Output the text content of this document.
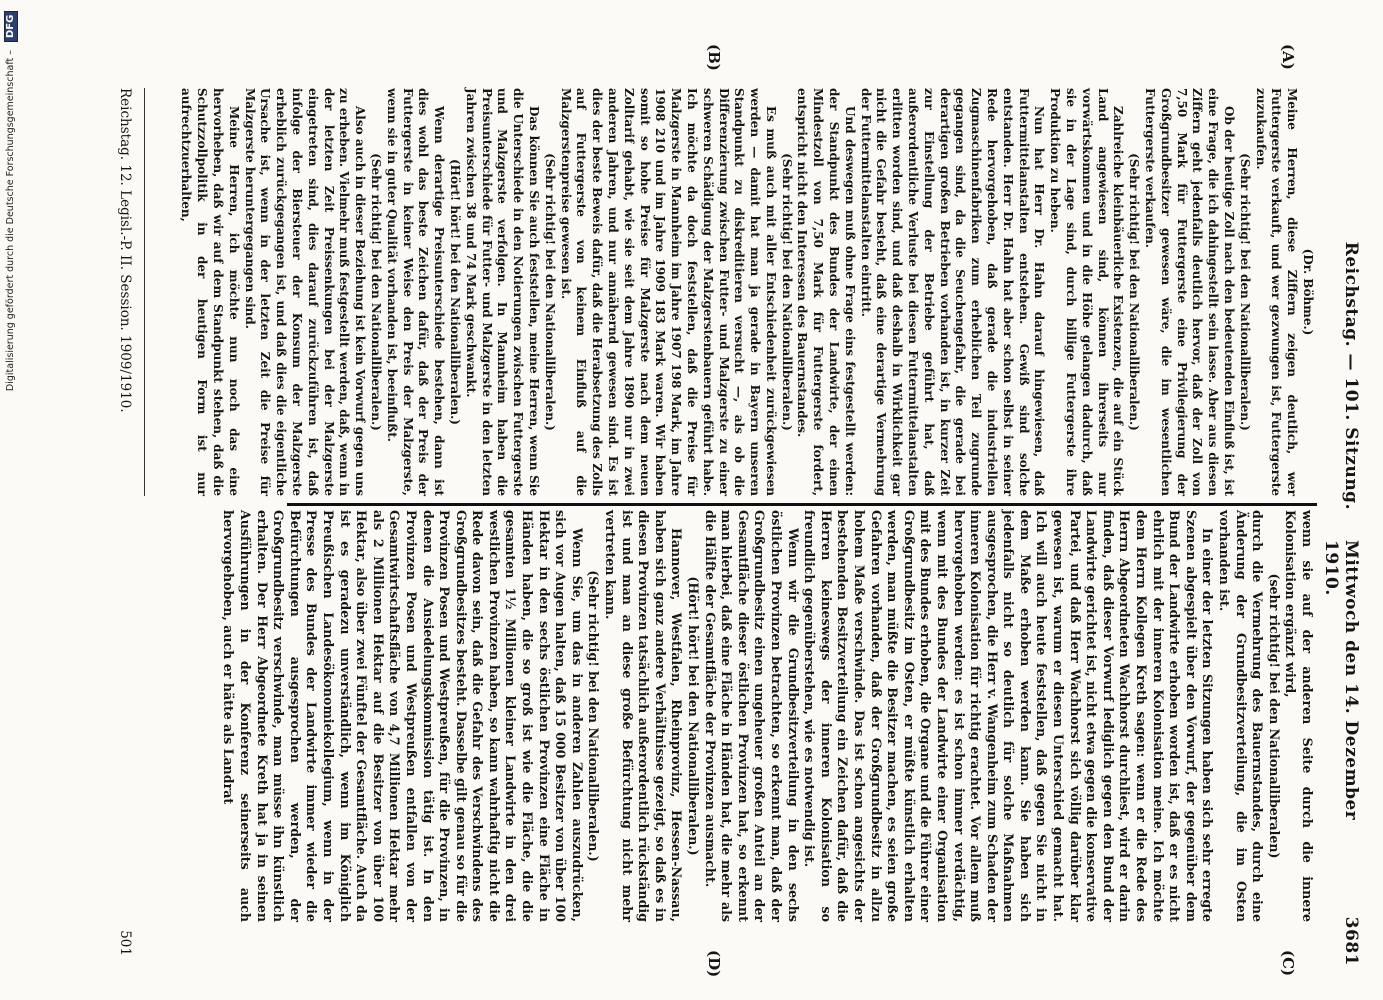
Reichstag. — 101. Sitzung.
Mittwoch den 14. Dezember 1910.
3681
(A)
(B)
(C)
(D)

(Dr. Böhme.)

Meine Herren, diese Ziffern zeigen deutlich, wer Futtergerste verkauft, und wer gezwungen ist, Futtergerste zuzukaufen.

(Sehr richtig! bei den Nationalliberalen.)

Ob der heutige Zoll nach den bedeutenden Einfluß ist, ist eine Frage, die ich dahingestellt sein lasse. Aber aus diesen Ziffern geht jedenfalls deutlich hervor, daß der Zoll von 7,50 Mark für Futtergerste eine Privilegierung der Großgrundbesitzer gewesen wäre, die im wesentlichen Futtergerste verkaufen.

(Sehr richtig! bei den Nationalliberalen.)

Zahlreiche kleinbäuerliche Existenzen, die auf ein Stück Land angewiesen sind, können ihrerseits nur vorwärtskommen und in die Höhe gelangen dadurch, daß sie in der Lage sind, durch billige Futtergerste ihre Produktion zu heben.

Nun hat Herr Dr. Hahn darauf hingewiesen, daß Futtermittelanstalten entstehen. Gewiß sind solche entstanden. Herr Dr. Hahn hat aber schon selbst in seiner Rede hervorgehoben, daß gerade die industriellen Zugmaschinenfabriken zum erheblichen Teil zugrunde gegangen sind, da die Seuchengefahr, die gerade bei derartigen großen Betrieben vorhanden ist, in kurzer Zeit zur Einstellung der Betriebe geführt hat, daß außerordentliche Verluste bei diesen Futtermittelanstalten erlitten worden sind, und daß deshalb in Wirklichkeit gar nicht die Gefahr besteht, daß eine derartige Vermehrung der Futtermittelanstalten eintritt.

Und deswegen muß ohne Frage eins festgestellt werden: der Standpunkt des Bundes der Landwirte, der einen Mindestzoll von 7,50 Mark für Futtergerste fordert, entspricht nicht den Interessen des Bauernstandes.

(Sehr richtig! bei den Nationalliberalen.)

Es muß auch mit aller Entschiedenheit zurückgewiesen werden — damit hat man ja gerade in Bayern unseren Standpunkt zu diskreditieren versucht —, als ob die Differenzierung zwischen Futter- und Malzgerste zu einer schweren Schädigung der Malzgerstenbauern geführt habe. Ich möchte da doch feststellen, daß die Preise für Malzgerste in Mannheim im Jahre 1907 198 Mark, im Jahre 1908 210 und im Jahre 1909 183 Mark waren. Wir haben somit so hohe Preise für Malzgerste nach dem neuen Zolltarif gehabt, wie sie seit dem Jahre 1890 nur in zwei anderen Jahren, und nur annähernd gewesen sind. Es ist dies der beste Beweis dafür, daß die Herabsetzung des Zolls auf Futtergerste von keinem Einfluß auf die Malzgerstenpreise gewesen ist.

(Sehr richtig! bei den Nationalliberalen.)

Das können Sie auch feststellen, meine Herren, wenn Sie die Unterschiede in den Notierungen zwischen Futtergerste und Malzgerste verfolgen. In Mannheim haben die Preisunterschiede für Futter- und Malzgerste in den letzten Jahren zwischen 38 und 74 Mark geschwankt.

(Hört! hört! bei den Nationalliberalen.)

Wenn derartige Preisunterschiede bestehen, dann ist dies wohl das beste Zeichen dafür, daß der Preis der Futtergerste in keiner Weise den Preis der Malzgerste, wenn sie in guter Qualität vorhanden ist, beeinflußt.

(Sehr richtig! bei den Nationalliberalen.)

Also auch in dieser Beziehung ist kein Vorwurf gegen uns zu erheben. Vielmehr muß festgestellt werden, daß, wenn in der letzten Zeit Preissenkungen bei der Malzgerste eingetreten sind, dies darauf zurückzuführen ist, daß infolge der Biersteuer der Konsum der Malzgerste erheblich zurückgegangen ist, und daß dies die eigentliche Ursache ist, wenn in der letzten Zeit die Preise für Malzgerste heruntergegangen sind.

Meine Herren, ich möchte nun noch das eine hervorheben, daß wir auf dem Standpunkt stehen, daß die Schutzzollpolitik in der heutigen Form ist nur aufrechtzuerhalten,

wenn sie auf der anderen Seite durch die innere Kolonisation ergänzt wird,

(sehr richtig! bei den Nationalliberalen)

durch die Vermehrung des Bauernstandes, durch eine Änderung der Grundbesitzverteilung, die im Osten vorhanden ist.

In einer der letzten Sitzungen haben sich sehr erregte Szenen abgespielt über den Vorwurf, der gegenüber dem Bund der Landwirte erhoben worden ist, daß er es nicht ehrlich mit der inneren Kolonisation meine. Ich möchte dem Herrn Kollegen Kreth sagen: wenn er die Rede des Herrn Abgeordneten Wachhorst durchliest, wird er darin finden, daß dieser Vorwurf lediglich gegen den Bund der Landwirte gerichtet ist, nicht etwa gegen die konservative Partei, und daß Herr Wachhorst sich völlig darüber klar gewesen ist, warum er diesen Unterschied gemacht hat. Ich will auch heute feststellen, daß gegen Sie nicht in dem Maße erhoben werden kann. Sie haben sich jedenfalls nicht so deutlich für solche Maßnahmen ausgesprochen, die Herr v. Wangenheim zum Schaden der inneren Kolonisation für richtig erachtet. Vor allem muß hervorgehoben werden: es ist schon immer verdächtig, wenn mit des Bundes der Landwirte einer Organisation mit des Bundes erhoben, die Organe und die Führer einer Großgrundbesitz im Osten, er müßte künstlich erhalten werden, man müßte die Besitzer machen, es seien große Gefahren vorhanden, daß der Großgrundbesitz in allzu hohem Maße verschwinde. Das ist schon angesichts der bestehenden Besitzverteilung ein Zeichen dafür, daß die Herren keineswegs der inneren Kolonisation so freundlich gegenüberstehen, wie es notwendig ist.

Wenn wir die Grundbesitzverteilung in den sechs östlichen Provinzen betrachten, so erkennt man, daß der Großgrundbesitz einen ungeheuer großen Anteil an der Gesamtfläche dieser östlichen Provinzen hat, so erkennt man hierbei, daß eine Fläche in Händen hat, die mehr als die Hälfte der Gesamtfläche der Provinzen ausmacht.

(Hört! hört! bei den Nationalliberalen.)

Hannover, Westfalen, Rheinprovinz, Hessen-Nassau, haben sich ganz andere Verhältnisse gezeigt, so daß es in diesen Provinzen tatsächlich außerordentlich rückständig ist und man an diese große Befürchtung nicht mehr vertreten kann.

(Sehr richtig! bei den Nationalliberalen.)

Wenn Sie, um das in anderen Zahlen auszudrücken, sich vor Augen halten, daß 15 000 Besitzer von über 100 Hektar in den sechs östlichen Provinzen eine Fläche in Händen haben, die so groß ist wie die Fläche, die die gesamten 1½ Millionen kleiner Landwirte in den drei westlichen Provinzen haben, so kann wahrhaftig nicht die Rede davon sein, daß die Gefahr des Verschwindens des Großgrundbesitzes besteht. Dasselbe gilt genau so für die Provinzen Posen und Westpreußen, für die Provinzen, in denen die Ansiedelungskommission tätig ist. In den Provinzen Posen und Westpreußen entfallen von der Gesamtwirtschaftsfläche von 4,7 Millionen Hektar mehr als 2 Millionen Hektar auf die Besitzer von über 100 Hektar, also über zwei Fünftel der Gesamtfläche. Auch da ist es geradezu unverständlich, wenn im Königlich Preußischen Landesökonomiekollegium, wenn in der Presse des Bundes der Landwirte immer wieder die Befürchtungen ausgesprochen werden, der Großgrundbesitz verschwinde, man müsse ihn künstlich erhalten. Der Herr Abgeordnete Kreth hat ja in seinen Ausführungen in der Konferenz seinerseits auch hervorgehoben, auch er hätte als Landrat

Reichstag. 12. Legisl.-P. II. Session. 1909/1910.
501
Digitalisierung gefördert durch die Deutsche Forschungsgemeinschaft –DFG
